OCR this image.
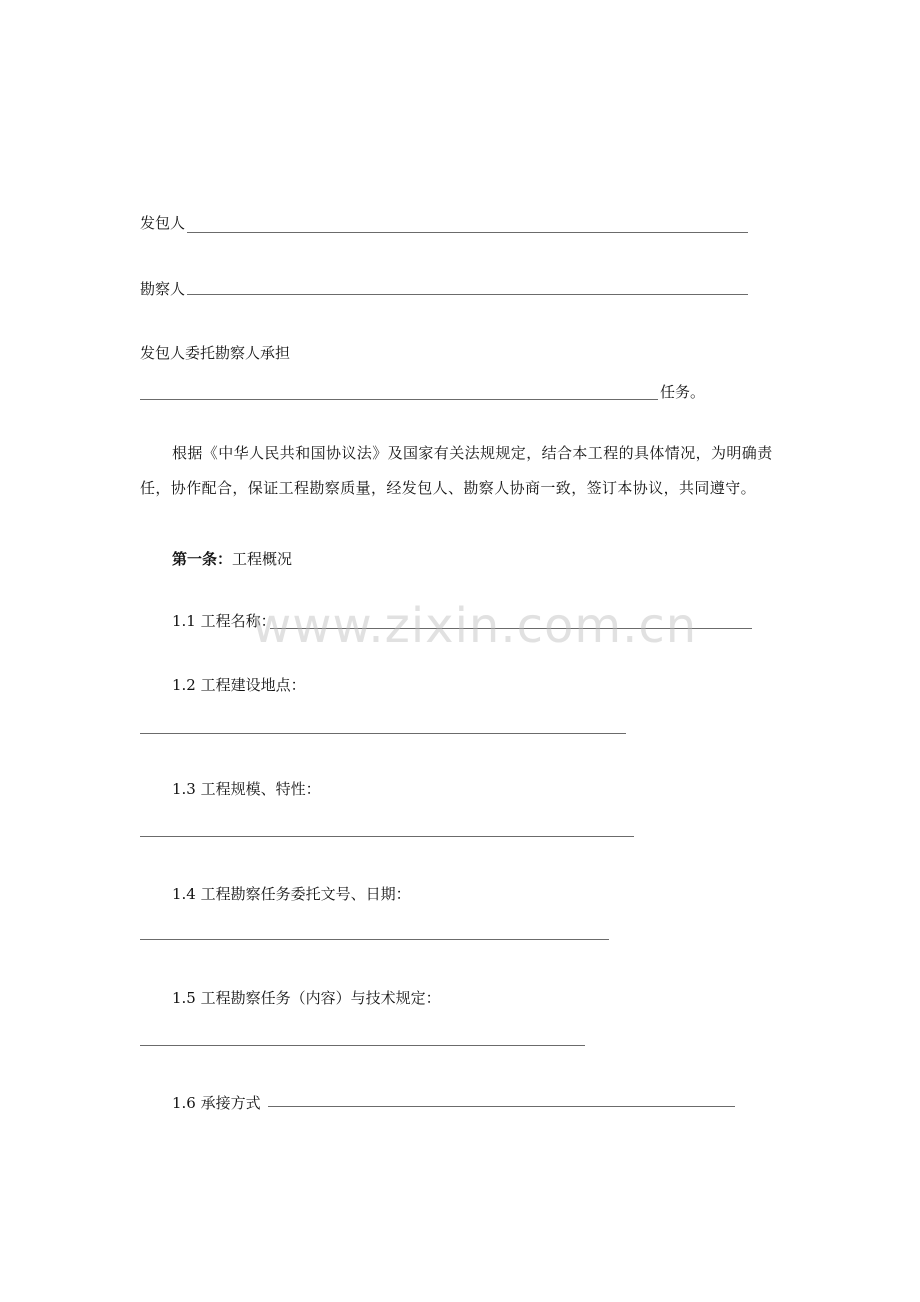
发包人
勘察人
发包人委托勘察人承担
任务。

根据《中华人民共和国协议法》及国家有关法规规定，结合本工程的具体情况，为明确责任，协作配合，保证工程勘察质量，经发包人、勘察人协商一致，签订本协议，共同遵守。

第一条：工程概况
1.1 工程名称：
1.2 工程建设地点：
1.3 工程规模、特性：
1.4 工程勘察任务委托文号、日期：
1.5 工程勘察任务（内容）与技术规定：
1.6 承接方式
www.zixin.com.cn
